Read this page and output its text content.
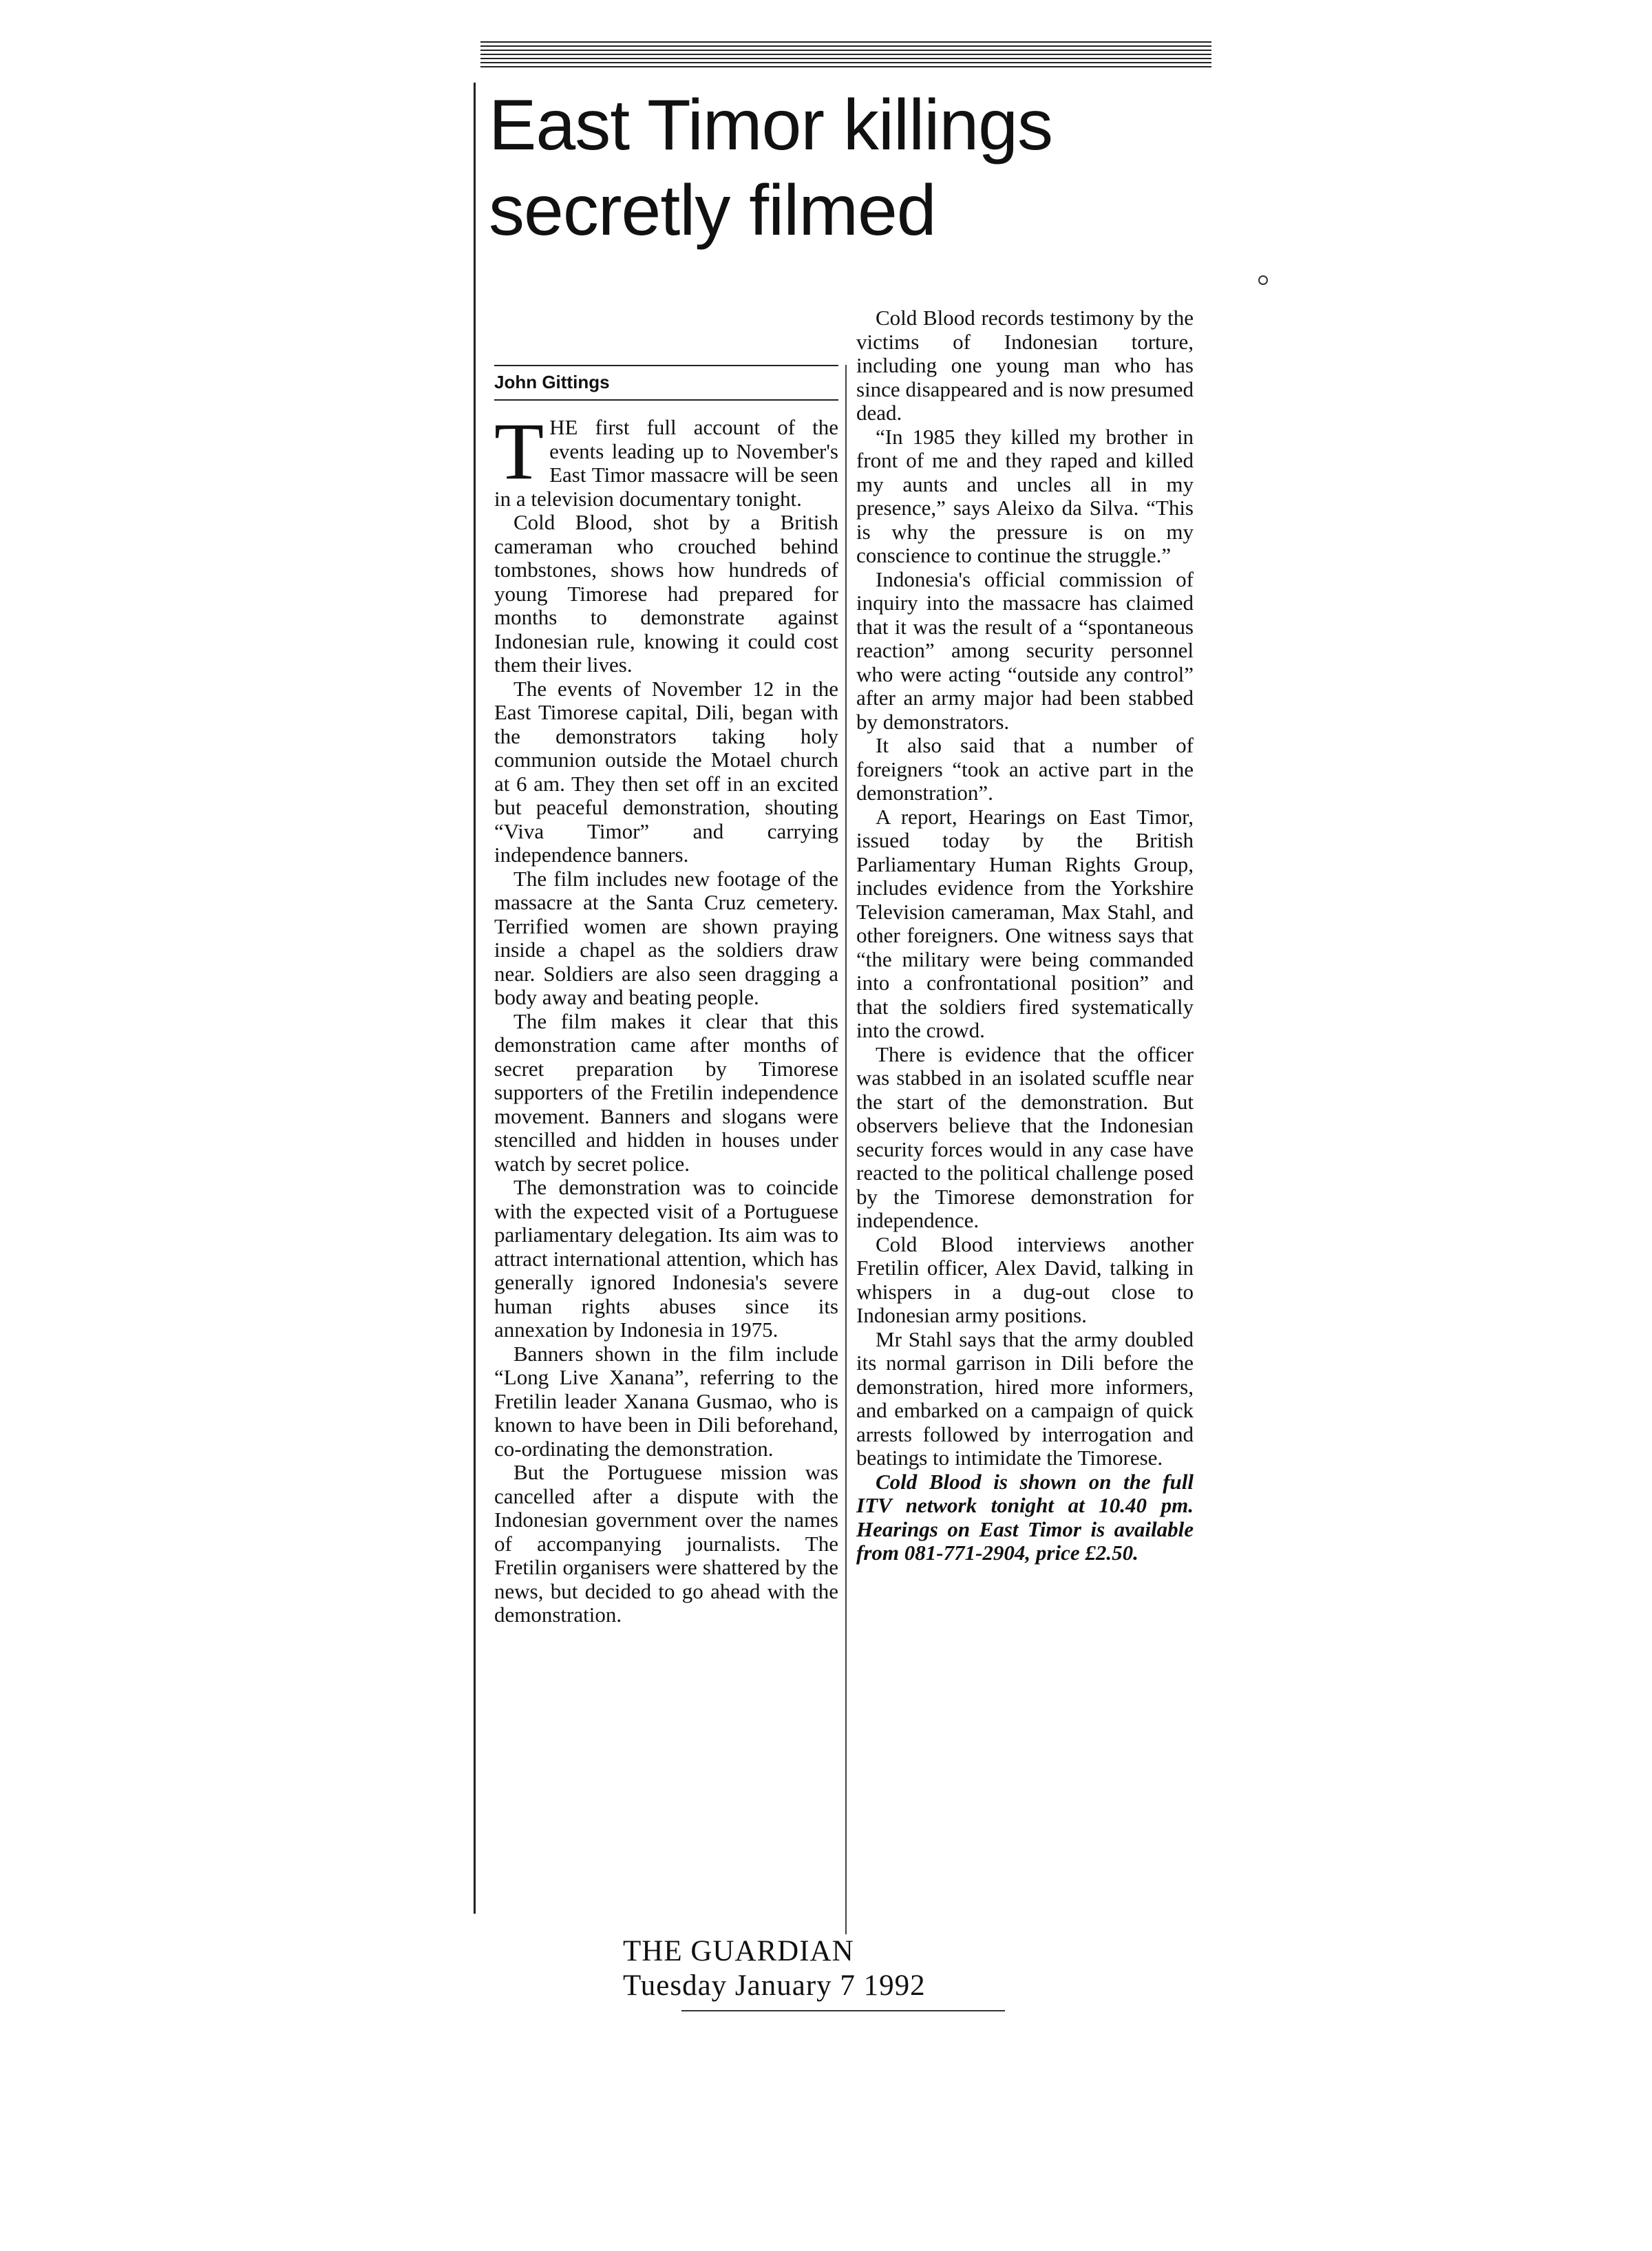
East Timor killings secretly filmed
John Gittings

THE first full account of the events leading up to November's East Timor massacre will be seen in a television documentary tonight.

Cold Blood, shot by a British cameraman who crouched behind tombstones, shows how hundreds of young Timorese had prepared for months to demonstrate against Indonesian rule, knowing it could cost them their lives.

The events of November 12 in the East Timorese capital, Dili, began with the demonstrators taking holy communion outside the Motael church at 6 am. They then set off in an excited but peaceful demonstration, shouting “Viva Timor” and carrying independence banners.

The film includes new footage of the massacre at the Santa Cruz cemetery. Terrified women are shown praying inside a chapel as the soldiers draw near. Soldiers are also seen dragging a body away and beating people.

The film makes it clear that this demonstration came after months of secret preparation by Timorese supporters of the Fretilin independence movement. Banners and slogans were stencilled and hidden in houses under watch by secret police.

The demonstration was to coincide with the expected visit of a Portuguese parliamentary delegation. Its aim was to attract international attention, which has generally ignored Indonesia's severe human rights abuses since its annexation by Indonesia in 1975.

Banners shown in the film include “Long Live Xanana”, referring to the Fretilin leader Xanana Gusmao, who is known to have been in Dili beforehand, co-ordinating the demonstration.

But the Portuguese mission was cancelled after a dispute with the Indonesian government over the names of accompanying journalists. The Fretilin organisers were shattered by the news, but decided to go ahead with the demonstration.

Cold Blood records testimony by the victims of Indonesian torture, including one young man who has since disappeared and is now presumed dead.

“In 1985 they killed my brother in front of me and they raped and killed my aunts and uncles all in my presence,” says Aleixo da Silva. “This is why the pressure is on my conscience to continue the struggle.”

Indonesia's official commission of inquiry into the massacre has claimed that it was the result of a “spontaneous reaction” among security personnel who were acting “outside any control” after an army major had been stabbed by demonstrators.

It also said that a number of foreigners “took an active part in the demonstration”.

A report, Hearings on East Timor, issued today by the British Parliamentary Human Rights Group, includes evidence from the Yorkshire Television cameraman, Max Stahl, and other foreigners. One witness says that “the military were being commanded into a confrontational position” and that the soldiers fired systematically into the crowd.

There is evidence that the officer was stabbed in an isolated scuffle near the start of the demonstration. But observers believe that the Indonesian security forces would in any case have reacted to the political challenge posed by the Timorese demonstration for independence.

Cold Blood interviews another Fretilin officer, Alex David, talking in whispers in a dug-out close to Indonesian army positions.

Mr Stahl says that the army doubled its normal garrison in Dili before the demonstration, hired more informers, and embarked on a campaign of quick arrests followed by interrogation and beatings to intimidate the Timorese.

Cold Blood is shown on the full ITV network tonight at 10.40 pm. Hearings on East Timor is available from 081-771-2904, price £2.50.

THE GUARDIAN
Tuesday January 7 1992
